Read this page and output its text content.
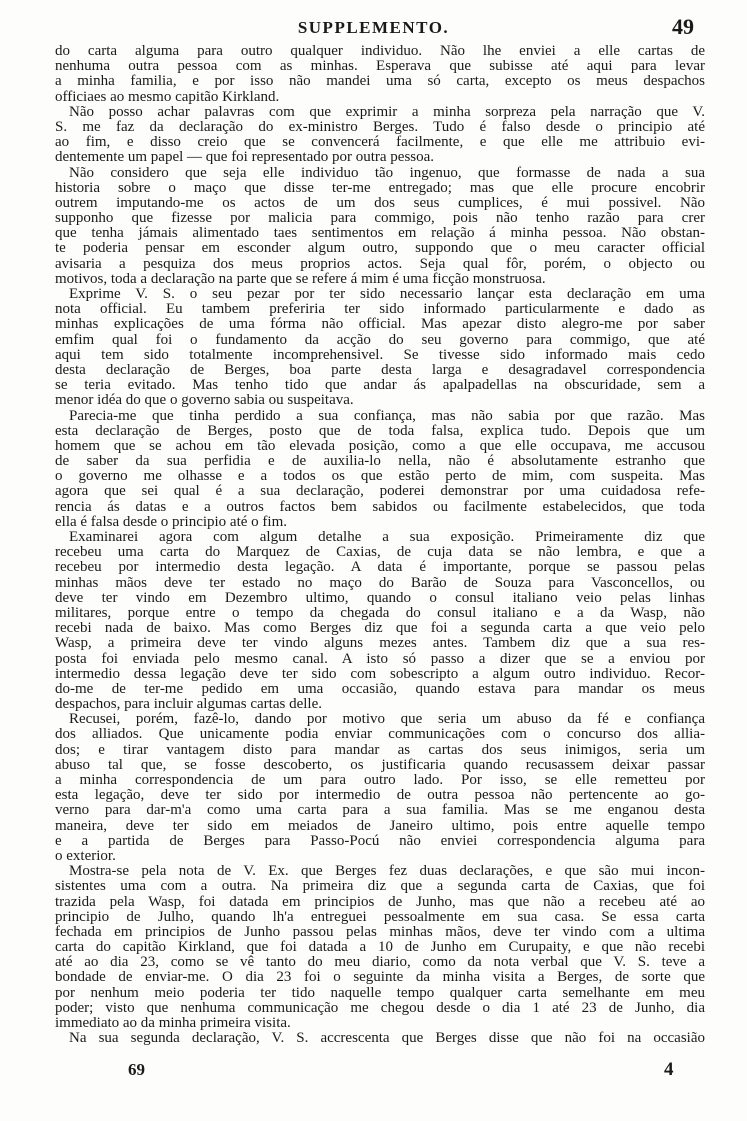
SUPPLEMENTO.	49
do carta alguma para outro qualquer individuo. Não lhe enviei a elle cartas de
nenhuma outra pessoa com as minhas. Esperava que subisse até aqui para levar
a minha familia, e por isso não mandei uma só carta, excepto os meus despachos
officiaes ao mesmo capitão Kirkland.
Não posso achar palavras com que exprimir a minha sorpreza pela narração que V.
S. me faz da declaração do ex-ministro Berges. Tudo é falso desde o principio até
ao fim, e disso creio que se convencerá facilmente, e que elle me attribuio evi-
dentemente um papel — que foi representado por outra pessoa.
Não considero que seja elle individuo tão ingenuo, que formasse de nada a sua
historia sobre o maço que disse ter-me entregado; mas que elle procure encobrir
outrem imputando-me os actos de um dos seus cumplices, é mui possivel. Não
supponho que fizesse por malicia para commigo, pois não tenho razão para crer
que tenha jámais alimentado taes sentimentos em relação á minha pessoa. Não obstan-
te poderia pensar em esconder algum outro, suppondo que o meu caracter official
avisaria a pesquiza dos meus proprios actos. Seja qual fôr, porém, o objecto ou
motivos, toda a declaração na parte que se refere á mim é uma ficção monstruosa.
Exprime V. S. o seu pezar por ter sido necessario lançar esta declaração em uma
nota official. Eu tambem preferiria ter sido informado particularmente e dado as
minhas explicações de uma fórma não official. Mas apezar disto alegro-me por saber
emfim qual foi o fundamento da acção do seu governo para commigo, que até
aqui tem sido totalmente incomprehensivel. Se tivesse sido informado mais cedo
desta declaração de Berges, boa parte desta larga e desagradavel correspondencia
se teria evitado. Mas tenho tido que andar ás apalpadellas na obscuridade, sem a
menor idéa do que o governo sabia ou suspeitava.
Parecia-me que tinha perdido a sua confiança, mas não sabia por que razão. Mas
esta declaração de Berges, posto que de toda falsa, explica tudo. Depois que um
homem que se achou em tão elevada posição, como a que elle occupava, me accusou
de saber da sua perfidia e de auxilia-lo nella, não é absolutamente estranho que
o governo me olhasse e a todos os que estão perto de mim, com suspeita. Mas
agora que sei qual é a sua declaração, poderei demonstrar por uma cuidadosa refe-
rencia ás datas e a outros factos bem sabidos ou facilmente estabelecidos, que toda
ella é falsa desde o principio até o fim.
Examinarei agora com algum detalhe a sua exposição. Primeiramente diz que
recebeu uma carta do Marquez de Caxias, de cuja data se não lembra, e que a
recebeu por intermedio desta legação. A data é importante, porque se passou pelas
minhas mãos deve ter estado no maço do Barão de Souza para Vasconcellos, ou
deve ter vindo em Dezembro ultimo, quando o consul italiano veio pelas linhas
militares, porque entre o tempo da chegada do consul italiano e a da Wasp, não
recebi nada de baixo. Mas como Berges diz que foi a segunda carta a que veio pelo
Wasp, a primeira deve ter vindo alguns mezes antes. Tambem diz que a sua res-
posta foi enviada pelo mesmo canal. A isto só passo a dizer que se a enviou por
intermedio dessa legação deve ter sido com sobescripto a algum outro individuo. Recor-
do-me de ter-me pedido em uma occasião, quando estava para mandar os meus
despachos, para incluir algumas cartas delle.
Recusei, porém, fazê-lo, dando por motivo que seria um abuso da fé e confiança
dos alliados. Que unicamente podia enviar communicações com o concurso dos allia-
dos; e tirar vantagem disto para mandar as cartas dos seus inimigos, seria um
abuso tal que, se fosse descoberto, os justificaria quando recusassem deixar passar
a minha correspondencia de um para outro lado. Por isso, se elle remetteu por
esta legação, deve ter sido por intermedio de outra pessoa não pertencente ao go-
verno para dar-m'a como uma carta para a sua familia. Mas se me enganou desta
maneira, deve ter sido em meiados de Janeiro ultimo, pois entre aquelle tempo
e a partida de Berges para Passo-Pocú não enviei correspondencia alguma para
o exterior.
Mostra-se pela nota de V. Ex. que Berges fez duas declarações, e que são mui incon-
sistentes uma com a outra. Na primeira diz que a segunda carta de Caxias, que foi
trazida pela Wasp, foi datada em principios de Junho, mas que não a recebeu até ao
principio de Julho, quando lh'a entreguei pessoalmente em sua casa. Se essa carta
fechada em principios de Junho passou pelas minhas mãos, deve ter vindo com a ultima
carta do capitão Kirkland, que foi datada a 10 de Junho em Curupaity, e que não recebi
até ao dia 23, como se vê tanto do meu diario, como da nota verbal que V. S. teve a
bondade de enviar-me. O dia 23 foi o seguinte da minha visita a Berges, de sorte que
por nenhum meio poderia ter tido naquelle tempo qualquer carta semelhante em meu
poder; visto que nenhuma communicação me chegou desde o dia 1 até 23 de Junho, dia
immediato ao da minha primeira visita.
Na sua segunda declaração, V. S. accrescenta que Berges disse que não foi na occasião
69	4
